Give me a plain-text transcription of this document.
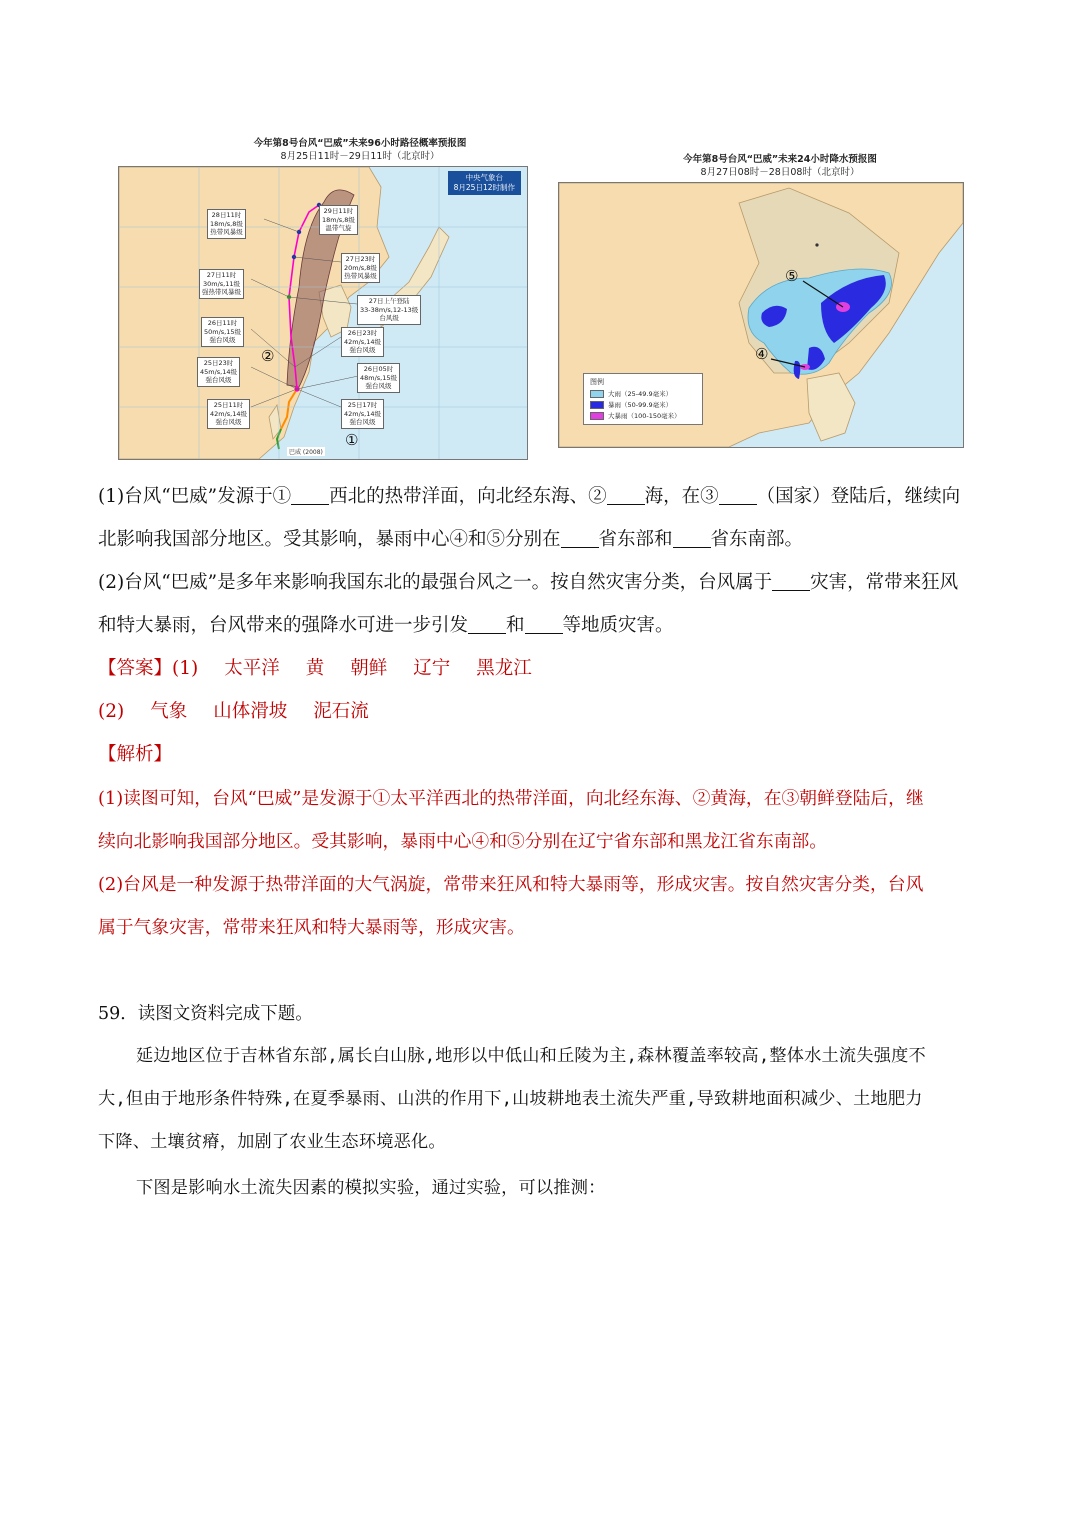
今年第8号台风“巴威”未来96小时路径概率预报图
8月25日11时－29日11时（北京时）
中央气象台
8月25日12时制作
29日11时
18m/s,8级
温带气旋
28日11时
18m/s,8级
热带风暴级
27日23时
20m/s,8级
热带风暴级
27日11时
30m/s,11级
强热带风暴级
27日上午登陆
33-38m/s,12-13级
台风级
26日11时
50m/s,15级
强台风级
26日23时
42m/s,14级
强台风级
26日05时
48m/s,15级
强台风级
25日23时
45m/s,14级
强台风级
25日17时
42m/s,14级
强台风级
25日11时
42m/s,14级
强台风级
②
①
巴威 (2008)
今年第8号台风“巴威”未来24小时降水预报图
8月27日08时－28日08时（北京时）
⑤
④
图例
大雨（25-49.9毫米）
暴雨（50-99.9毫米）
大暴雨（100-150毫米）
(1)台风“巴威”发源于① 西北的热带洋面，向北经东海、② 海，在③ （国家）登陆后，继续向
北影响我国部分地区。受其影响，暴雨中心④和⑤分别在 省东部和 省东南部。
(2)台风“巴威”是多年来影响我国东北的最强台风之一。按自然灾害分类，台风属于 灾害，常带来狂风
和特大暴雨，台风带来的强降水可进一步引发 和 等地质灾害。
【答案】(1) 太平洋 黄 朝鲜 辽宁 黑龙江
(2) 气象 山体滑坡 泥石流
【解析】
(1)读图可知，台风“巴威”是发源于①太平洋西北的热带洋面，向北经东海、②黄海，在③朝鲜登陆后，继
续向北影响我国部分地区。受其影响，暴雨中心④和⑤分别在辽宁省东部和黑龙江省东南部。
(2)台风是一种发源于热带洋面的大气涡旋，常带来狂风和特大暴雨等，形成灾害。按自然灾害分类，台风
属于气象灾害，常带来狂风和特大暴雨等，形成灾害。
59．读图文资料完成下题。
延边地区位于吉林省东部,属长白山脉,地形以中低山和丘陵为主,森林覆盖率较高,整体水土流失强度不
大,但由于地形条件特殊,在夏季暴雨、山洪的作用下,山坡耕地表土流失严重,导致耕地面积减少、土地肥力
下降、土壤贫瘠，加剧了农业生态环境恶化。
下图是影响水土流失因素的模拟实验，通过实验，可以推测：
